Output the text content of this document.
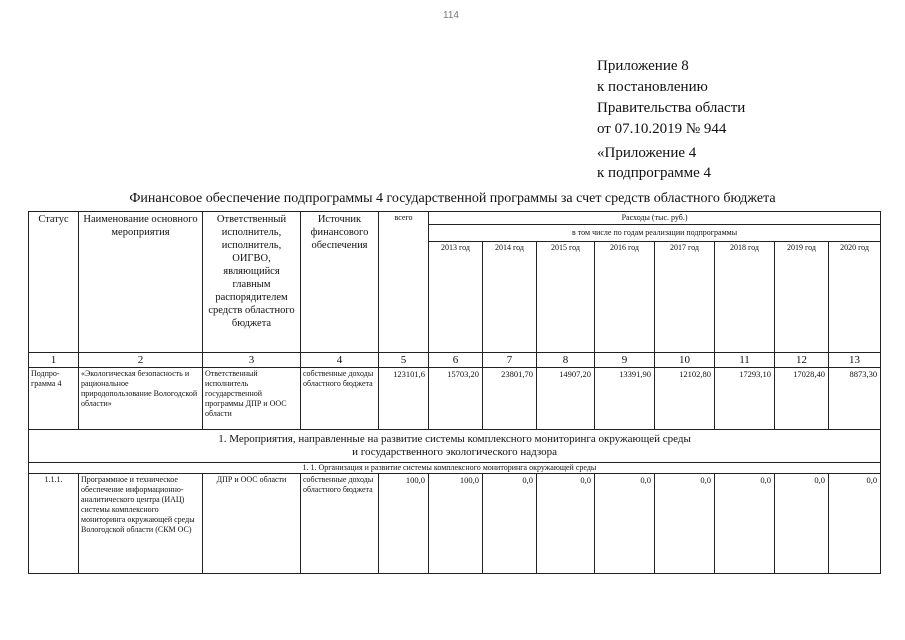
114
Приложение 8
к постановлению
Правительства области
от 07.10.2019 № 944
«Приложение 4
к подпрограмме 4
Финансовое обеспечение подпрограммы 4 государственной программы за счет средств областного бюджета
Статус	Наименование основного мероприятия	Ответственный исполнитель, исполнитель, ОИГВО, являющийся главным распорядителем средств областного бюджета	Источник финансового обеспечения	всего	Расходы (тыс. руб.)							
					в том числе по годам реализации подпрограммы							
					2013 год	2014 год	2015 год	2016 год	2017 год	2018 год	2019 год	2020 год
1	2	3	4	5	6	7	8	9	10	11	12	13
Подпро-грамма 4	«Экологическая безопасность и рациональное природопользование Вологодской области»	Ответственный исполнитель государственной программы ДПР и ООС области	собственные доходы областного бюджета	123101,6	15703,20	23801,70	14907,20	13391,90	12102,80	17293,10	17028,40	8873,30

1. Мероприятия, направленные на развитие системы комплексного мониторинга окружающей среды
и государственного экологического надзора												

			1. 1. Организация и развитие системы комплексного мониторинга окружающей среды									
1.1.1.	Программное и техническое обеспечение информационно-аналитического центра (ИАЦ) системы комплексного мониторинга окружающей среды Вологодской области (СКМ ОС)	ДПР и ООС области	собственные доходы областного бюджета	100,0	100,0	0,0	0,0	0,0	0,0	0,0	0,0	0,0
